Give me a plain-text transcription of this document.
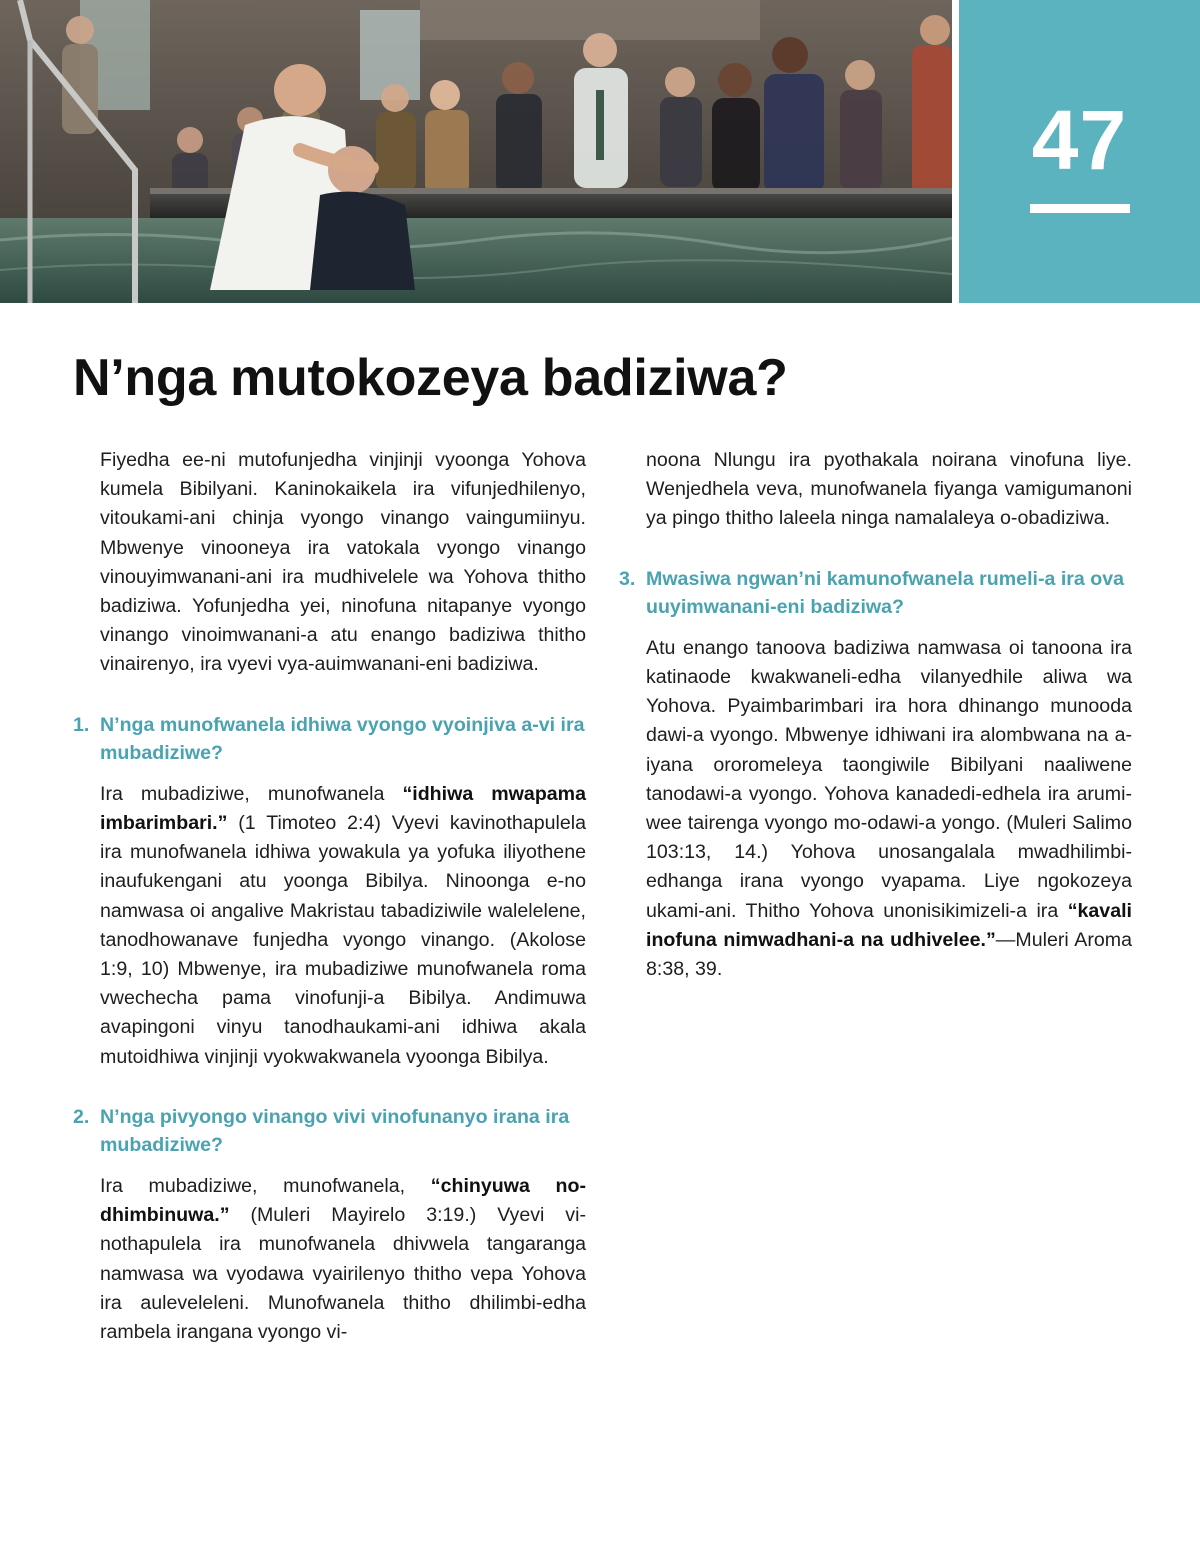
47
N’nga mutokozeya badiziwa?

Fiyedha ee-ni mutofunjedha vinjinji vyoonga Yohova kumela Bibilyani. Kaninokaikela ira vifunjedhilenyo, vitoukami-ani chinja vyongo vinango vaingumiinyu. Mbwenye vinooneya ira vatokala vyongo vinango vinouyimwanani-ani ira mudhivelele wa Yohova thitho badiziwa. Yofunjedha yei, ninofuna nitapanye vyongo vinango vinoimwanani-a atu enango badiziwa thitho vinairenyo, ira vyevi vya-auimwanani-eni badiziwa.

1. N’nga munofwanela idhiwa vyongo vyoinjiva a-vi ira mubadiziwe?

Ira mubadiziwe, munofwanela “idhiwa mwapama imbarimbari.” (1 Timoteo 2:4) Vyevi kavinothapulela ira munofwanela idhiwa yowakula ya yofuka iliyothene inaufukengani atu yoonga Bibilya. Ninoonga e-no namwasa oi angalive Makristau tabadiziwile walelelene, tanodhowanave funjedha vyongo vinango. (Akolose 1:9, 10) Mbwenye, ira mubadiziwe munofwanela roma vwechecha pama vinofunji-a Bibilya. Andimuwa avapingoni vinyu tanodhaukami-ani idhiwa akala mutoidhiwa vinjinji vyokwakwanela vyoonga Bibilya.

2. N’nga pivyongo vinango vivi vinofunanyo irana ira mubadiziwe?

Ira mubadiziwe, munofwanela, “chinyuwa nodhimbinuwa.” (Muleri Mayirelo 3:19.) Vyevi vinothapulela ira munofwanela dhivwela tangaranga namwasa wa vyodawa vyairilenyo thitho vepa Yohova ira auleveleleni. Munofwanela thitho dhilimbi-edha rambela irangana vyongo vi-

noona Nlungu ira pyothakala noirana vinofuna liye. Wenjedhela veva, munofwanela fiyanga vamigumanoni ya pingo thitho laleela ninga namalaleya o-obadiziwa.

3. Mwasiwa ngwan’ni kamunofwanela rumeli-a ira ova uuyimwanani-eni badiziwa?

Atu enango tanoova badiziwa namwasa oi tanoona ira katinaode kwakwaneli-edha vilanyedhile aliwa wa Yohova. Pyaimbarimbari ira hora dhinango munooda dawi-a vyongo. Mbwenye idhiwani ira alombwana na a-iyana ororomeleya taongiwile Bibilyani naaliwene tanodawi-a vyongo. Yohova kanadedi-edhela ira arumiwee tairenga vyongo mo-odawi-a yongo. (Muleri Salimo 103:13, 14.) Yohova unosangalala mwadhilimbi-edhanga irana vyongo vyapama. Liye ngokozeya ukami-ani. Thitho Yohova unonisikimizeli-a ira “kavali inofuna nimwadhani-a na udhivelee.”—Muleri Aroma 8:38, 39.
